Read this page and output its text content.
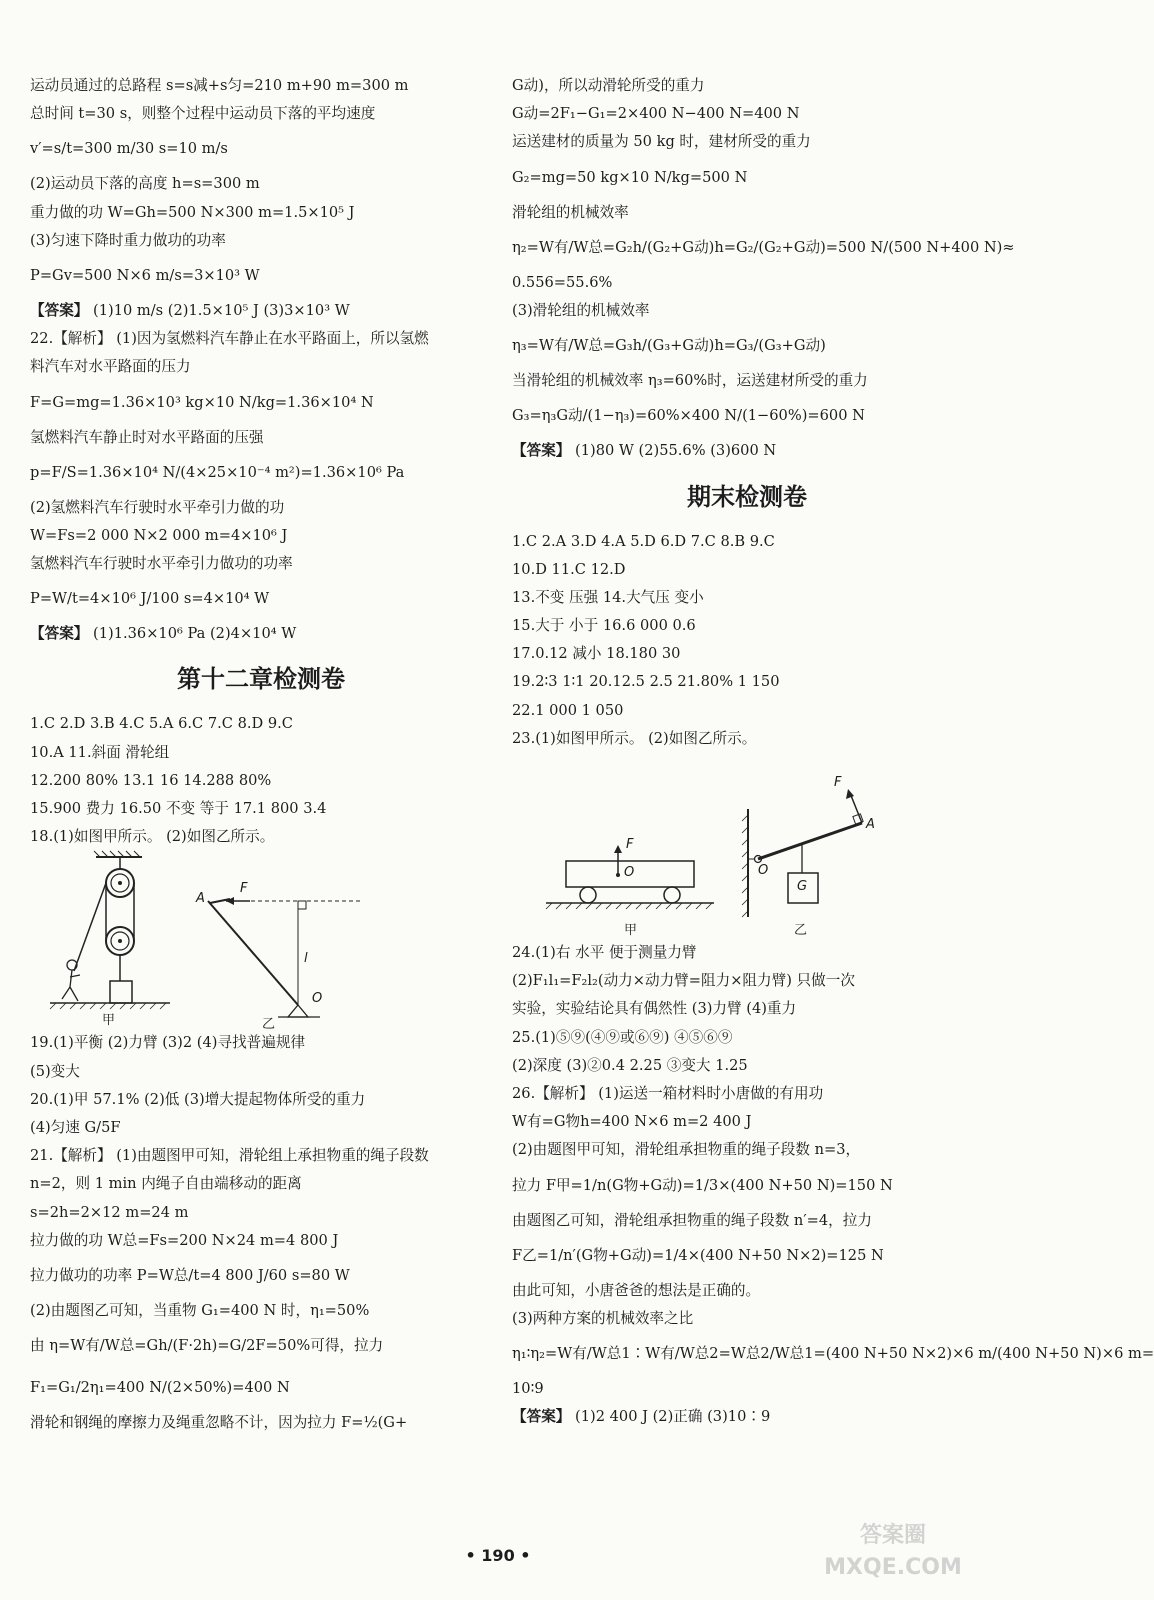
运动员通过的总路程 s=s减+s匀=210 m+90 m=300 m
总时间 t=30 s，则整个过程中运动员下落的平均速度
v′=s/t=300 m/30 s=10 m/s
(2)运动员下落的高度 h=s=300 m
重力做的功 W=Gh=500 N×300 m=1.5×10⁵ J
(3)匀速下降时重力做功的功率
P=Gv=500 N×6 m/s=3×10³ W
【答案】 (1)10 m/s (2)1.5×10⁵ J (3)3×10³ W
22.【解析】 (1)因为氢燃料汽车静止在水平路面上，所以氢燃
料汽车对水平路面的压力
F=G=mg=1.36×10³ kg×10 N/kg=1.36×10⁴ N
氢燃料汽车静止时对水平路面的压强
p=F/S=1.36×10⁴ N/(4×25×10⁻⁴ m²)=1.36×10⁶ Pa
(2)氢燃料汽车行驶时水平牵引力做的功
W=Fs=2 000 N×2 000 m=4×10⁶ J
氢燃料汽车行驶时水平牵引力做功的功率
P=W/t=4×10⁶ J/100 s=4×10⁴ W
【答案】 (1)1.36×10⁶ Pa (2)4×10⁴ W
第十二章检测卷
1.C 2.D 3.B 4.C 5.A 6.C 7.C 8.D 9.C
10.A 11.斜面 滑轮组
12.200 80% 13.1 16 14.288 80%
15.900 费力 16.50 不变 等于 17.1 800 3.4
18.(1)如图甲所示。 (2)如图乙所示。
甲	乙
A
F
l
O
19.(1)平衡 (2)力臂 (3)2 (4)寻找普遍规律
(5)变大
20.(1)甲 57.1% (2)低 (3)增大提起物体所受的重力
(4)匀速 G/5F
21.【解析】 (1)由题图甲可知，滑轮组上承担物重的绳子段数
n=2，则 1 min 内绳子自由端移动的距离
s=2h=2×12 m=24 m
拉力做的功 W总=Fs=200 N×24 m=4 800 J
拉力做功的功率 P=W总/t=4 800 J/60 s=80 W
(2)由题图乙可知，当重物 G₁=400 N 时，η₁=50%
由 η=W有/W总=Gh/(F·2h)=G/2F=50%可得，拉力
F₁=G₁/2η₁=400 N/(2×50%)=400 N
滑轮和钢绳的摩擦力及绳重忽略不计，因为拉力 F=½(G+
G动)，所以动滑轮所受的重力
G动=2F₁−G₁=2×400 N−400 N=400 N
运送建材的质量为 50 kg 时，建材所受的重力
G₂=mg=50 kg×10 N/kg=500 N
滑轮组的机械效率
η₂=W有/W总=G₂h/(G₂+G动)h=G₂/(G₂+G动)=500 N/(500 N+400 N)≈
0.556=55.6%
(3)滑轮组的机械效率
η₃=W有/W总=G₃h/(G₃+G动)h=G₃/(G₃+G动)
当滑轮组的机械效率 η₃=60%时，运送建材所受的重力
G₃=η₃G动/(1−η₃)=60%×400 N/(1−60%)=600 N
【答案】 (1)80 W (2)55.6% (3)600 N
期末检测卷
1.C 2.A 3.D 4.A 5.D 6.D 7.C 8.B 9.C
10.D 11.C 12.D
13.不变 压强 14.大气压 变小
15.大于 小于 16.6 000 0.6
17.0.12 减小 18.180 30
19.2∶3 1∶1 20.12.5 2.5 21.80% 1 150
22.1 000 1 050
23.(1)如图甲所示。 (2)如图乙所示。
甲	乙
F
O
F
A
O
G
24.(1)右 水平 便于测量力臂
(2)F₁l₁=F₂l₂(动力×动力臂=阻力×阻力臂) 只做一次
实验，实验结论具有偶然性 (3)力臂 (4)重力
25.(1)⑤⑨(④⑨或⑥⑨) ④⑤⑥⑨
(2)深度 (3)②0.4 2.25 ③变大 1.25
26.【解析】 (1)运送一箱材料时小唐做的有用功
W有=G物h=400 N×6 m=2 400 J
(2)由题图甲可知，滑轮组承担物重的绳子段数 n=3，
拉力 F甲=1/n(G物+G动)=1/3×(400 N+50 N)=150 N
由题图乙可知，滑轮组承担物重的绳子段数 n′=4，拉力
F乙=1/n′(G物+G动)=1/4×(400 N+50 N×2)=125 N
由此可知，小唐爸爸的想法是正确的。
(3)两种方案的机械效率之比
η₁∶η₂=W有/W总1∶W有/W总2=W总2/W总1=(400 N+50 N×2)×6 m/(400 N+50 N)×6 m=
10∶9
【答案】 (1)2 400 J (2)正确 (3)10∶9
• 190 •
答案圈 MXQE.COM
